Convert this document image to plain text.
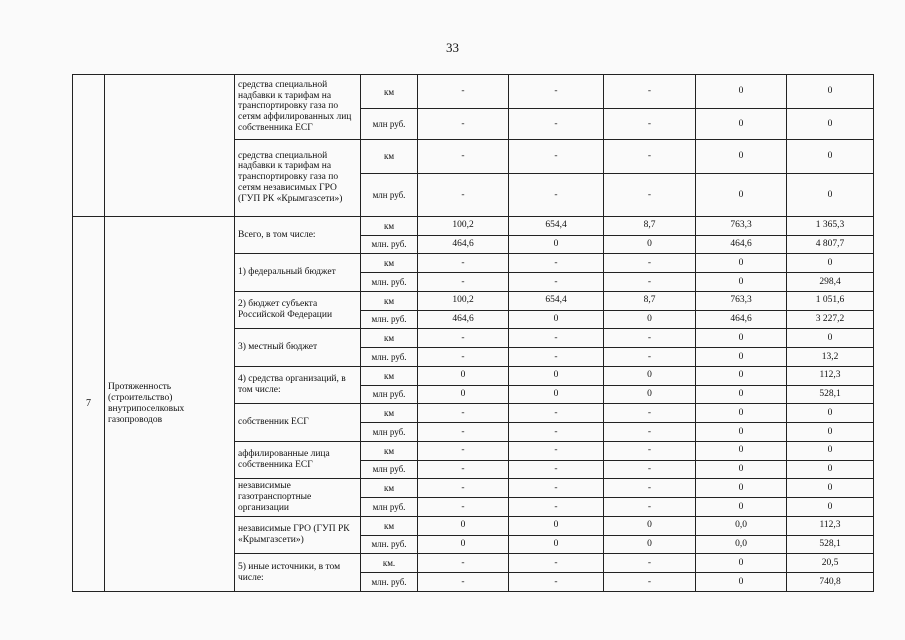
33
		средства специальной надбавки к тарифам на транспортировку газа по сетям аффилированных лиц собственника ЕСГ	км	-	-	-	0	0
			млн руб.	-	-	-	0	0
		средства специальной надбавки к тарифам на транспортировку газа по сетям независимых ГРО (ГУП РК «Крымгазсети»)	км	-	-	-	0	0
			млн руб.	-	-	-	0	0
7	Протяженность (строительство) внутрипоселковых газопроводов	Всего, в том числе:	км	100,2	654,4	8,7	763,3	1 365,3
			млн. руб.	464,6	0	0	464,6	4 807,7
		1) федеральный бюджет	км	-	-	-	0	0
			млн. руб.	-	-	-	0	298,4
		2) бюджет субъекта Российской Федерации	км	100,2	654,4	8,7	763,3	1 051,6
			млн. руб.	464,6	0	0	464,6	3 227,2
		3) местный бюджет	км	-	-	-	0	0
			млн. руб.	-	-	-	0	13,2
		4) средства организаций, в том числе:	км	0	0	0	0	112,3
			млн руб.	0	0	0	0	528,1
		собственник ЕСГ	км	-	-	-	0	0
			млн руб.	-	-	-	0	0
		аффилированные лица собственника ЕСГ	км	-	-	-	0	0
			млн руб.	-	-	-	0	0
		независимые газотранспортные организации	км	-	-	-	0	0
			млн руб.	-	-	-	0	0
		независимые ГРО (ГУП РК «Крымгазсети»)	км	0	0	0	0,0	112,3
			млн. руб.	0	0	0	0,0	528,1
		5) иные источники, в том числе:	км.	-	-	-	0	20,5
			млн. руб.	-	-	-	0	740,8
